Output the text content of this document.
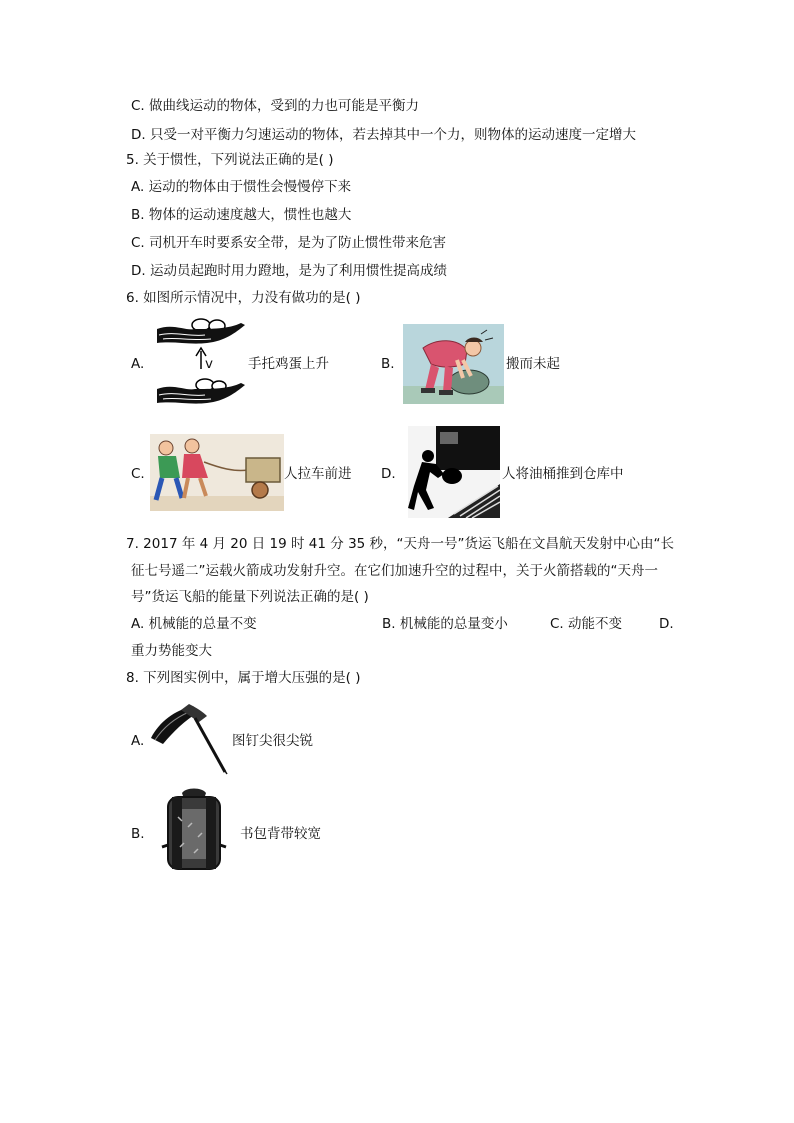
C. 做曲线运动的物体，受到的力也可能是平衡力
D. 只受一对平衡力匀速运动的物体，若去掉其中一个力，则物体的运动速度一定增大
5. 关于惯性，下列说法正确的是( )
A. 运动的物体由于惯性会慢慢停下来
B. 物体的运动速度越大，惯性也越大
C. 司机开车时要系安全带，是为了防止惯性带来危害
D. 运动员起跑时用力蹬地，是为了利用惯性提高成绩
6. 如图所示情况中，力没有做功的是( )
A.	v	手托鸡蛋上升	B.	搬而未起
C.	人拉车前进 D.	人将油桶推到仓库中
7. 2017 年 4 月 20 日 19 时 41 分 35 秒，“天舟一号”货运飞船在文昌航天发射中心由“长
征七号遥二”运载火箭成功发射升空。在它们加速升空的过程中，关于火箭搭载的“天舟一
号”货运飞船的能量下列说法正确的是( )
A. 机械能的总量不变	B. 机械能的总量变小	C. 动能不变	D.
重力势能变大
8. 下列图实例中，属于增大压强的是( )
A.	图钉尖很尖锐
B.	书包背带较宽
